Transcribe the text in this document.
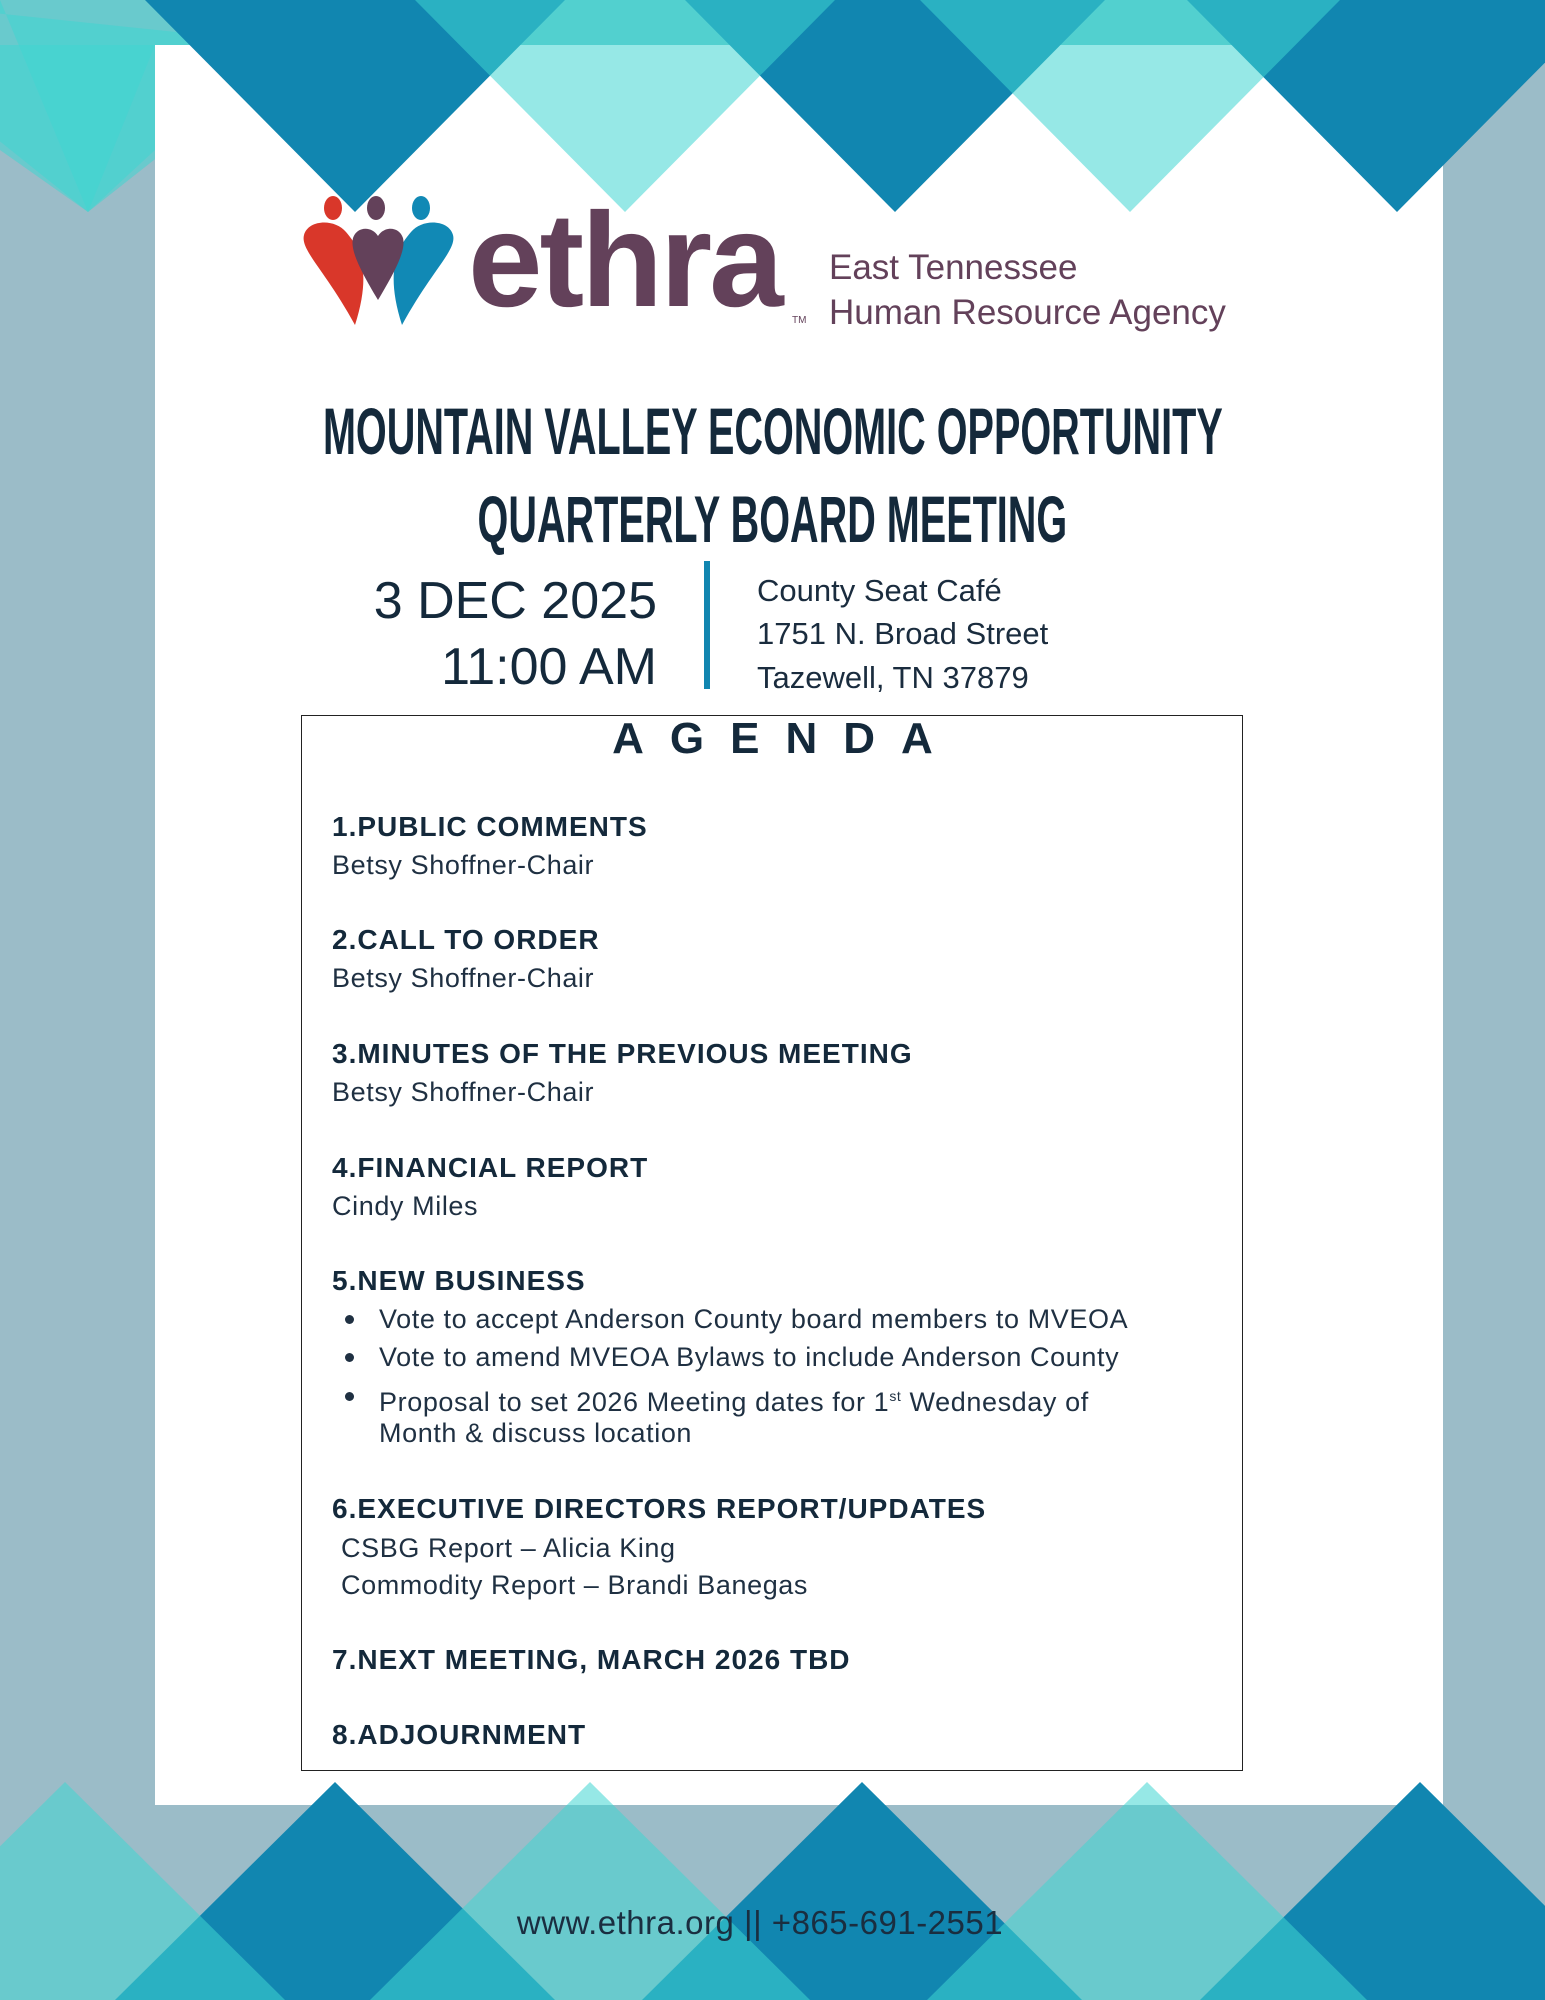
ethra TM
East Tennessee
Human Resource Agency
MOUNTAIN VALLEY ECONOMIC OPPORTUNITY
QUARTERLY BOARD MEETING
3 DEC 2025
11:00 AM
County Seat Café
1751 N. Broad Street
Tazewell, TN 37879
AGENDA
1.PUBLIC COMMENTS
Betsy Shoffner-Chair
2.CALL TO ORDER
Betsy Shoffner-Chair
3.MINUTES OF THE PREVIOUS MEETING
Betsy Shoffner-Chair
4.FINANCIAL REPORT
Cindy Miles
5.NEW BUSINESS
Vote to accept Anderson County board members to MVEOA
Vote to amend MVEOA Bylaws to include Anderson County
Proposal to set 2026 Meeting dates for 1st Wednesday of
Month & discuss location
6.EXECUTIVE DIRECTORS REPORT/UPDATES
CSBG Report – Alicia King
Commodity Report – Brandi Banegas
7.NEXT MEETING, MARCH 2026 TBD
8.ADJOURNMENT
www.ethra.org || +865-691-2551
